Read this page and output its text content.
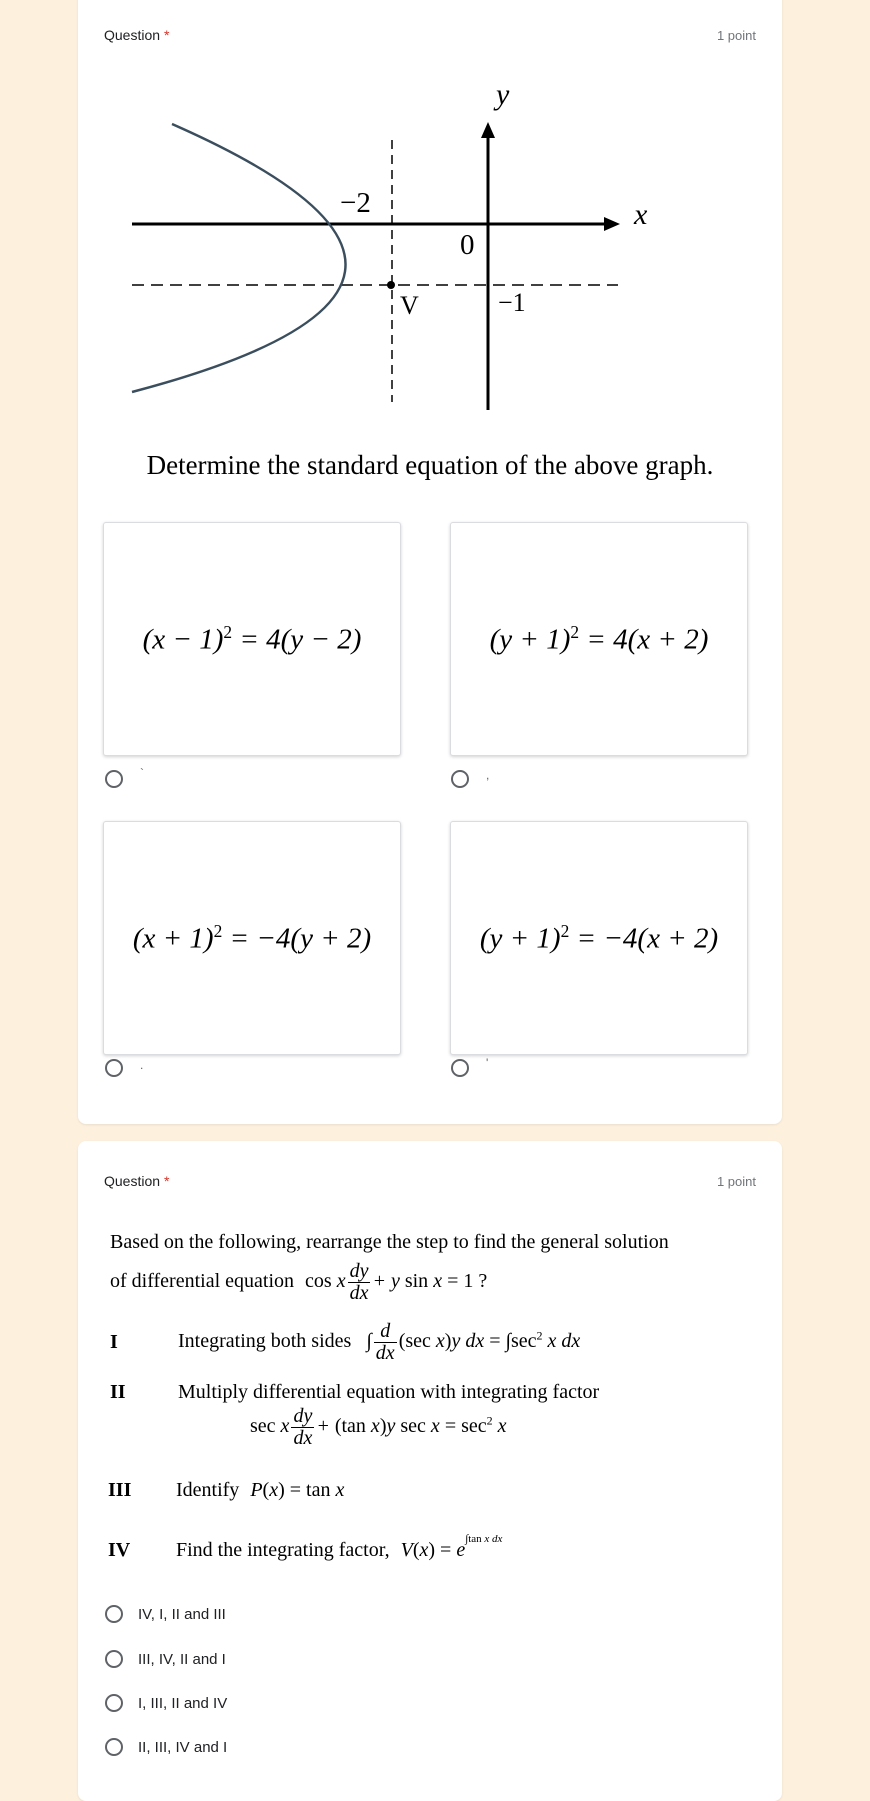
Question *	1 point
y
x
0
−2
−1
V
Determine the standard equation of the above graph.
$(x - 1)^2 = 4(y - 2)$
`
$(y + 1)^2 = 4(x + 2)$
,
$(x + 1)^2 = -4(y + 2)$
.
$(y + 1)^2 = -4(x + 2)$
'
Question *	1 point
Based on the following, rearrange the step to find the general solution
of differential equation cos x $\frac{dy}{dx} + y$ sin x = 1 ?
I	Integrating both sides ∫ $\frac{d}{dx} (\sec$ x)y dx = $\int\sec^2$ x dx
II	Multiply differential equation with integrating factor
sec x $\frac{dy}{dx} + (\tan$ x)y $\sec x = \sec^2 x$
III Identify P(x) = tan x
IV Find the integrating factor, $V(x) = e^{\int tan x dx}$
IV, I, II and III
III, IV, II and I
I, III, II and IV
II, III, IV and I
